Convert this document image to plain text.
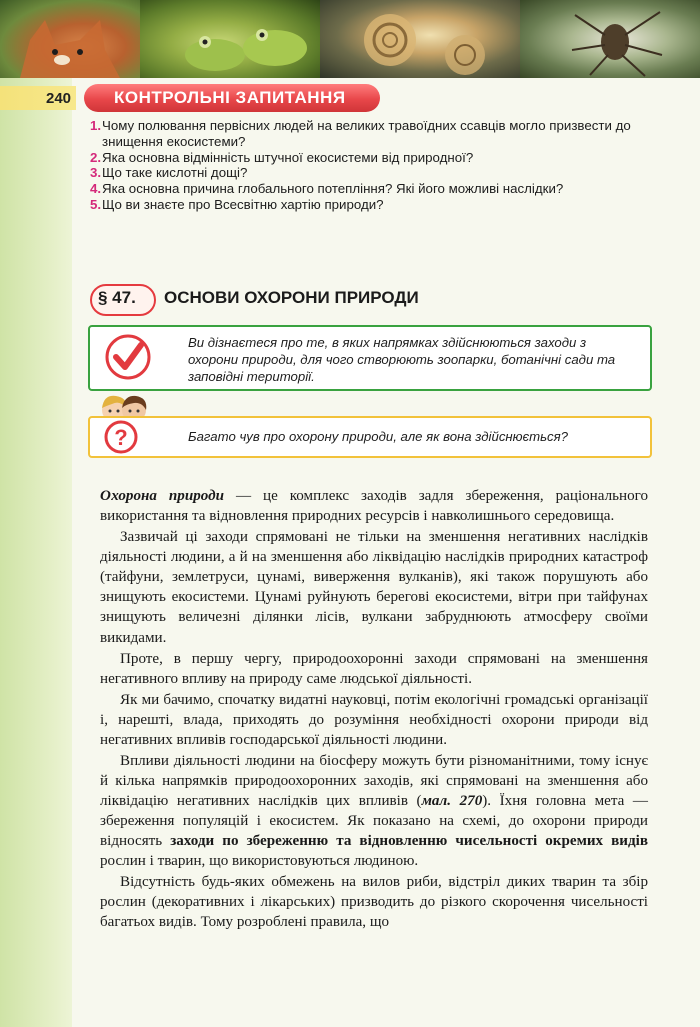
240	КОНТРОЛЬНІ ЗАПИТАННЯ
1. Чому полювання первісних людей на великих травоїдних ссавців могло призвести до знищення екосистеми?
2. Яка основна відмінність штучної екосистеми від природної?
3. Що таке кислотні дощі?
4. Яка основна причина глобального потепління? Які його можливі наслідки?
5. Що ви знаєте про Всесвітню хартію природи?
§ 47. ОСНОВИ ОХОРОНИ ПРИРОДИ
Ви дізнаєтеся про те, в яких напрямках здійснюються заходи з охорони природи, для чого створюють зоопарки, ботанічні сади та заповідні території.
?	Багато чув про охорону природи, але як вона здійснюється?

Охорона природи — це комплекс заходів задля збереження, раціонального використання та відновлення природних ресурсів і навколишнього середовища.

Зазвичай ці заходи спрямовані не тільки на зменшення негативних наслідків діяльності людини, а й на зменшення або ліквідацію наслідків природних катастроф (тайфуни, землетруси, цунамі, виверження вулканів), які також порушують або знищують екосистеми. Цунамі руйнують берегові екосистеми, вітри при тайфунах знищують величезні ділянки лісів, вулкани забруднюють атмосферу своїми викидами.

Проте, в першу чергу, природоохоронні заходи спрямовані на зменшення негативного впливу на природу саме людської діяльності.

Як ми бачимо, спочатку видатні науковці, потім екологічні громадські організації і, нарешті, влада, приходять до розуміння необхідності охорони природи від негативних впливів господарської діяльності людини.

Впливи діяльності людини на біосферу можуть бути різноманітними, тому існує й кілька напрямків природоохоронних заходів, які спрямовані на зменшення або ліквідацію негативних наслідків цих впливів (мал. 270). Їхня головна мета — збереження популяцій і екосистем. Як показано на схемі, до охорони природи відносять заходи по збереженню та відновленню чисельності окремих видів рослин і тварин, що використовуються людиною.

Відсутність будь-яких обмежень на вилов риби, відстріл диких тварин та збір рослин (декоративних і лікарських) призводить до різкого скорочення чисельності багатьох видів. Тому розроблені правила, що
